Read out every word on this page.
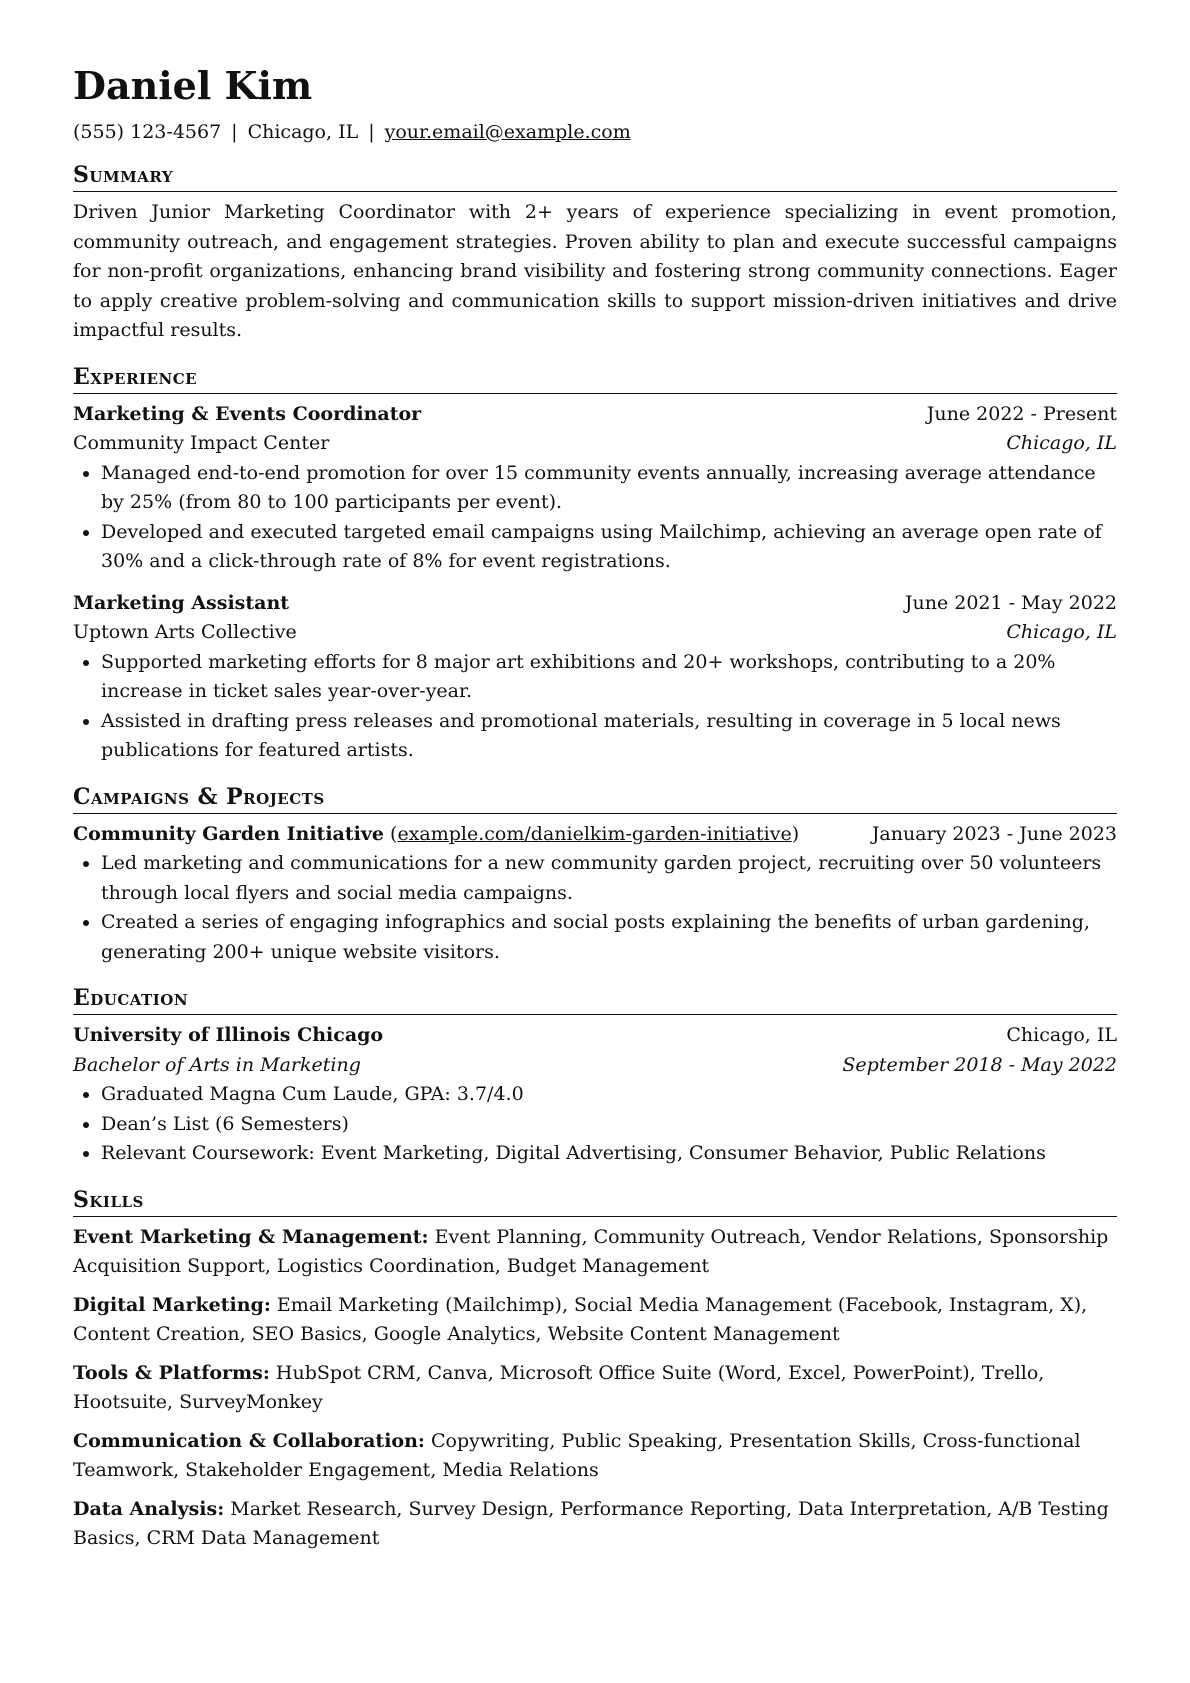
Daniel Kim
(555) 123-4567 | Chicago, IL | your.email@example.com
Summary
Driven Junior Marketing Coordinator with 2+ years of experience specializing in event promotion, community outreach, and engagement strategies. Proven ability to plan and execute successful campaigns for non-profit organizations, enhancing brand visibility and fostering strong community connections. Eager to apply creative problem-solving and communication skills to support mission-driven initiatives and drive impactful results.
Experience
Marketing & Events Coordinator	June 2022 - Present
Community Impact Center	Chicago, IL
• Managed end-to-end promotion for over 15 community events annually, increasing average attendance by 25% (from 80 to 100 participants per event).
• Developed and executed targeted email campaigns using Mailchimp, achieving an average open rate of 30% and a click-through rate of 8% for event registrations.
Marketing Assistant	June 2021 - May 2022
Uptown Arts Collective	Chicago, IL
• Supported marketing efforts for 8 major art exhibitions and 20+ workshops, contributing to a 20% increase in ticket sales year-over-year.
• Assisted in drafting press releases and promotional materials, resulting in coverage in 5 local news publications for featured artists.
Campaigns & Projects
Community Garden Initiative (example.com/danielkim-garden-initiative)	January 2023 - June 2023
• Led marketing and communications for a new community garden project, recruiting over 50 volunteers through local flyers and social media campaigns.
• Created a series of engaging infographics and social posts explaining the benefits of urban gardening, generating 200+ unique website visitors.
Education
University of Illinois Chicago	Chicago, IL
Bachelor of Arts in Marketing	September 2018 - May 2022
• Graduated Magna Cum Laude, GPA: 3.7/4.0
• Dean’s List (6 Semesters)
• Relevant Coursework: Event Marketing, Digital Advertising, Consumer Behavior, Public Relations
Skills
Event Marketing & Management: Event Planning, Community Outreach, Vendor Relations, Sponsorship Acquisition Support, Logistics Coordination, Budget Management
Digital Marketing: Email Marketing (Mailchimp), Social Media Management (Facebook, Instagram, X), Content Creation, SEO Basics, Google Analytics, Website Content Management
Tools & Platforms: HubSpot CRM, Canva, Microsoft Office Suite (Word, Excel, PowerPoint), Trello, Hootsuite, SurveyMonkey
Communication & Collaboration: Copywriting, Public Speaking, Presentation Skills, Cross-functional Teamwork, Stakeholder Engagement, Media Relations
Data Analysis: Market Research, Survey Design, Performance Reporting, Data Interpretation, A/B Testing Basics, CRM Data Management
